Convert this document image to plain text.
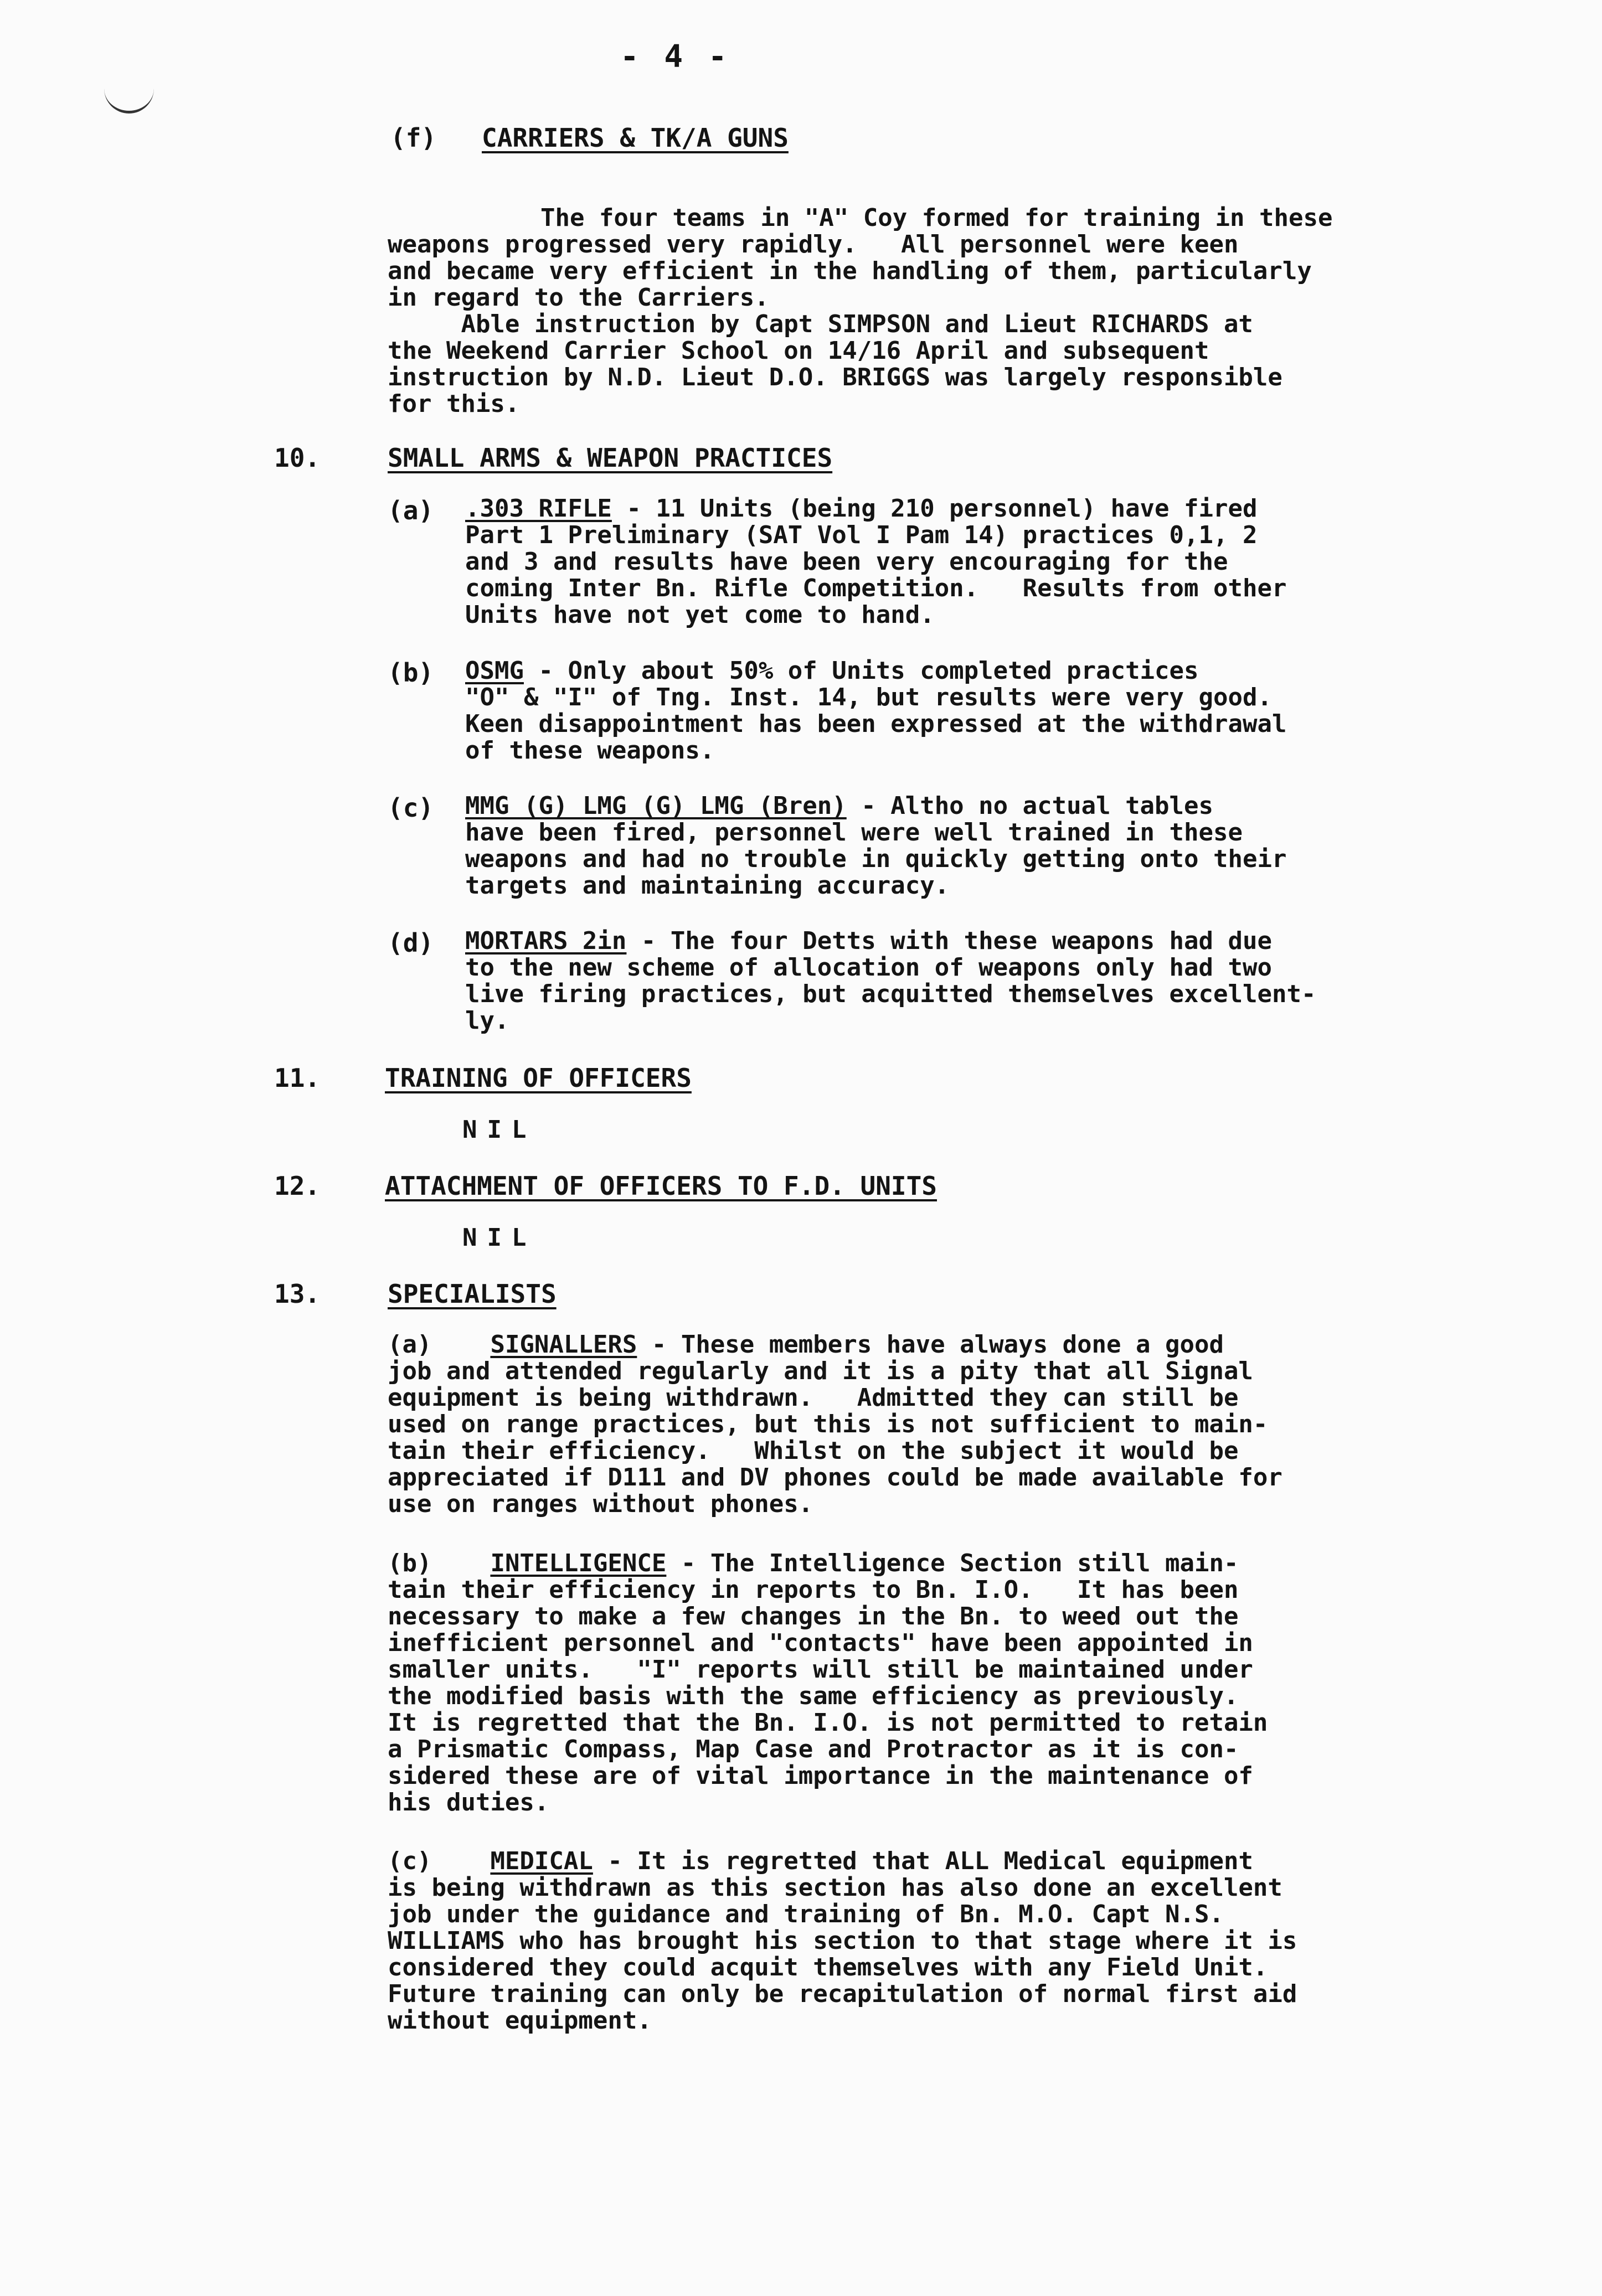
- 4 -
(f) CARRIERS & TK/A GUNS

The four teams in "A" Coy formed for training in these
weapons progressed very rapidly.   All personnel were keen
and became very efficient in the handling of them, particularly
in regard to the Carriers.

Able instruction by Capt SIMPSON and Lieut RICHARDS at
the Weekend Carrier School on 14/16 April and subsequent
instruction by N.D. Lieut D.O. BRIGGS was largely responsible
for this.
10.	SMALL ARMS & WEAPON PRACTICES
(a) .303 RIFLE - 11 Units (being 210 personnel) have fired
Part 1 Preliminary (SAT Vol I Pam 14) practices 0,1, 2
and 3 and results have been very encouraging for the
coming Inter Bn. Rifle Competition.   Results from other
Units have not yet come to hand.
(b) OSMG - Only about 50% of Units completed practices
"O" & "I" of Tng. Inst. 14, but results were very good.
Keen disappointment has been expressed at the withdrawal
of these weapons.
(c) MMG (G) LMG (G) LMG (Bren) - Altho no actual tables
have been fired, personnel were well trained in these
weapons and had no trouble in quickly getting onto their
targets and maintaining accuracy.
(d) MORTARS 2in - The four Detts with these weapons had due
to the new scheme of allocation of weapons only had two
live firing practices, but acquitted themselves excellent-
ly.
11.	TRAINING OF OFFICERS
NIL
12.	ATTACHMENT OF OFFICERS TO F.D. UNITS
NIL
13.	SPECIALISTS
(a) SIGNALLERS - These members have always done a good
job and attended regularly and it is a pity that all Signal
equipment is being withdrawn.   Admitted they can still be
used on range practices, but this is not sufficient to main-
tain their efficiency.   Whilst on the subject it would be
appreciated if D111 and DV phones could be made available for
use on ranges without phones.
(b) INTELLIGENCE - The Intelligence Section still main-
tain their efficiency in reports to Bn. I.O.   It has been
necessary to make a few changes in the Bn. to weed out the
inefficient personnel and "contacts" have been appointed in
smaller units.   "I" reports will still be maintained under
the modified basis with the same efficiency as previously.
It is regretted that the Bn. I.O. is not permitted to retain
a Prismatic Compass, Map Case and Protractor as it is con-
sidered these are of vital importance in the maintenance of
his duties.
(c) MEDICAL - It is regretted that ALL Medical equipment
is being withdrawn as this section has also done an excellent
job under the guidance and training of Bn. M.O. Capt N.S.
WILLIAMS who has brought his section to that stage where it is
considered they could acquit themselves with any Field Unit.
Future training can only be recapitulation of normal first aid
without equipment.
